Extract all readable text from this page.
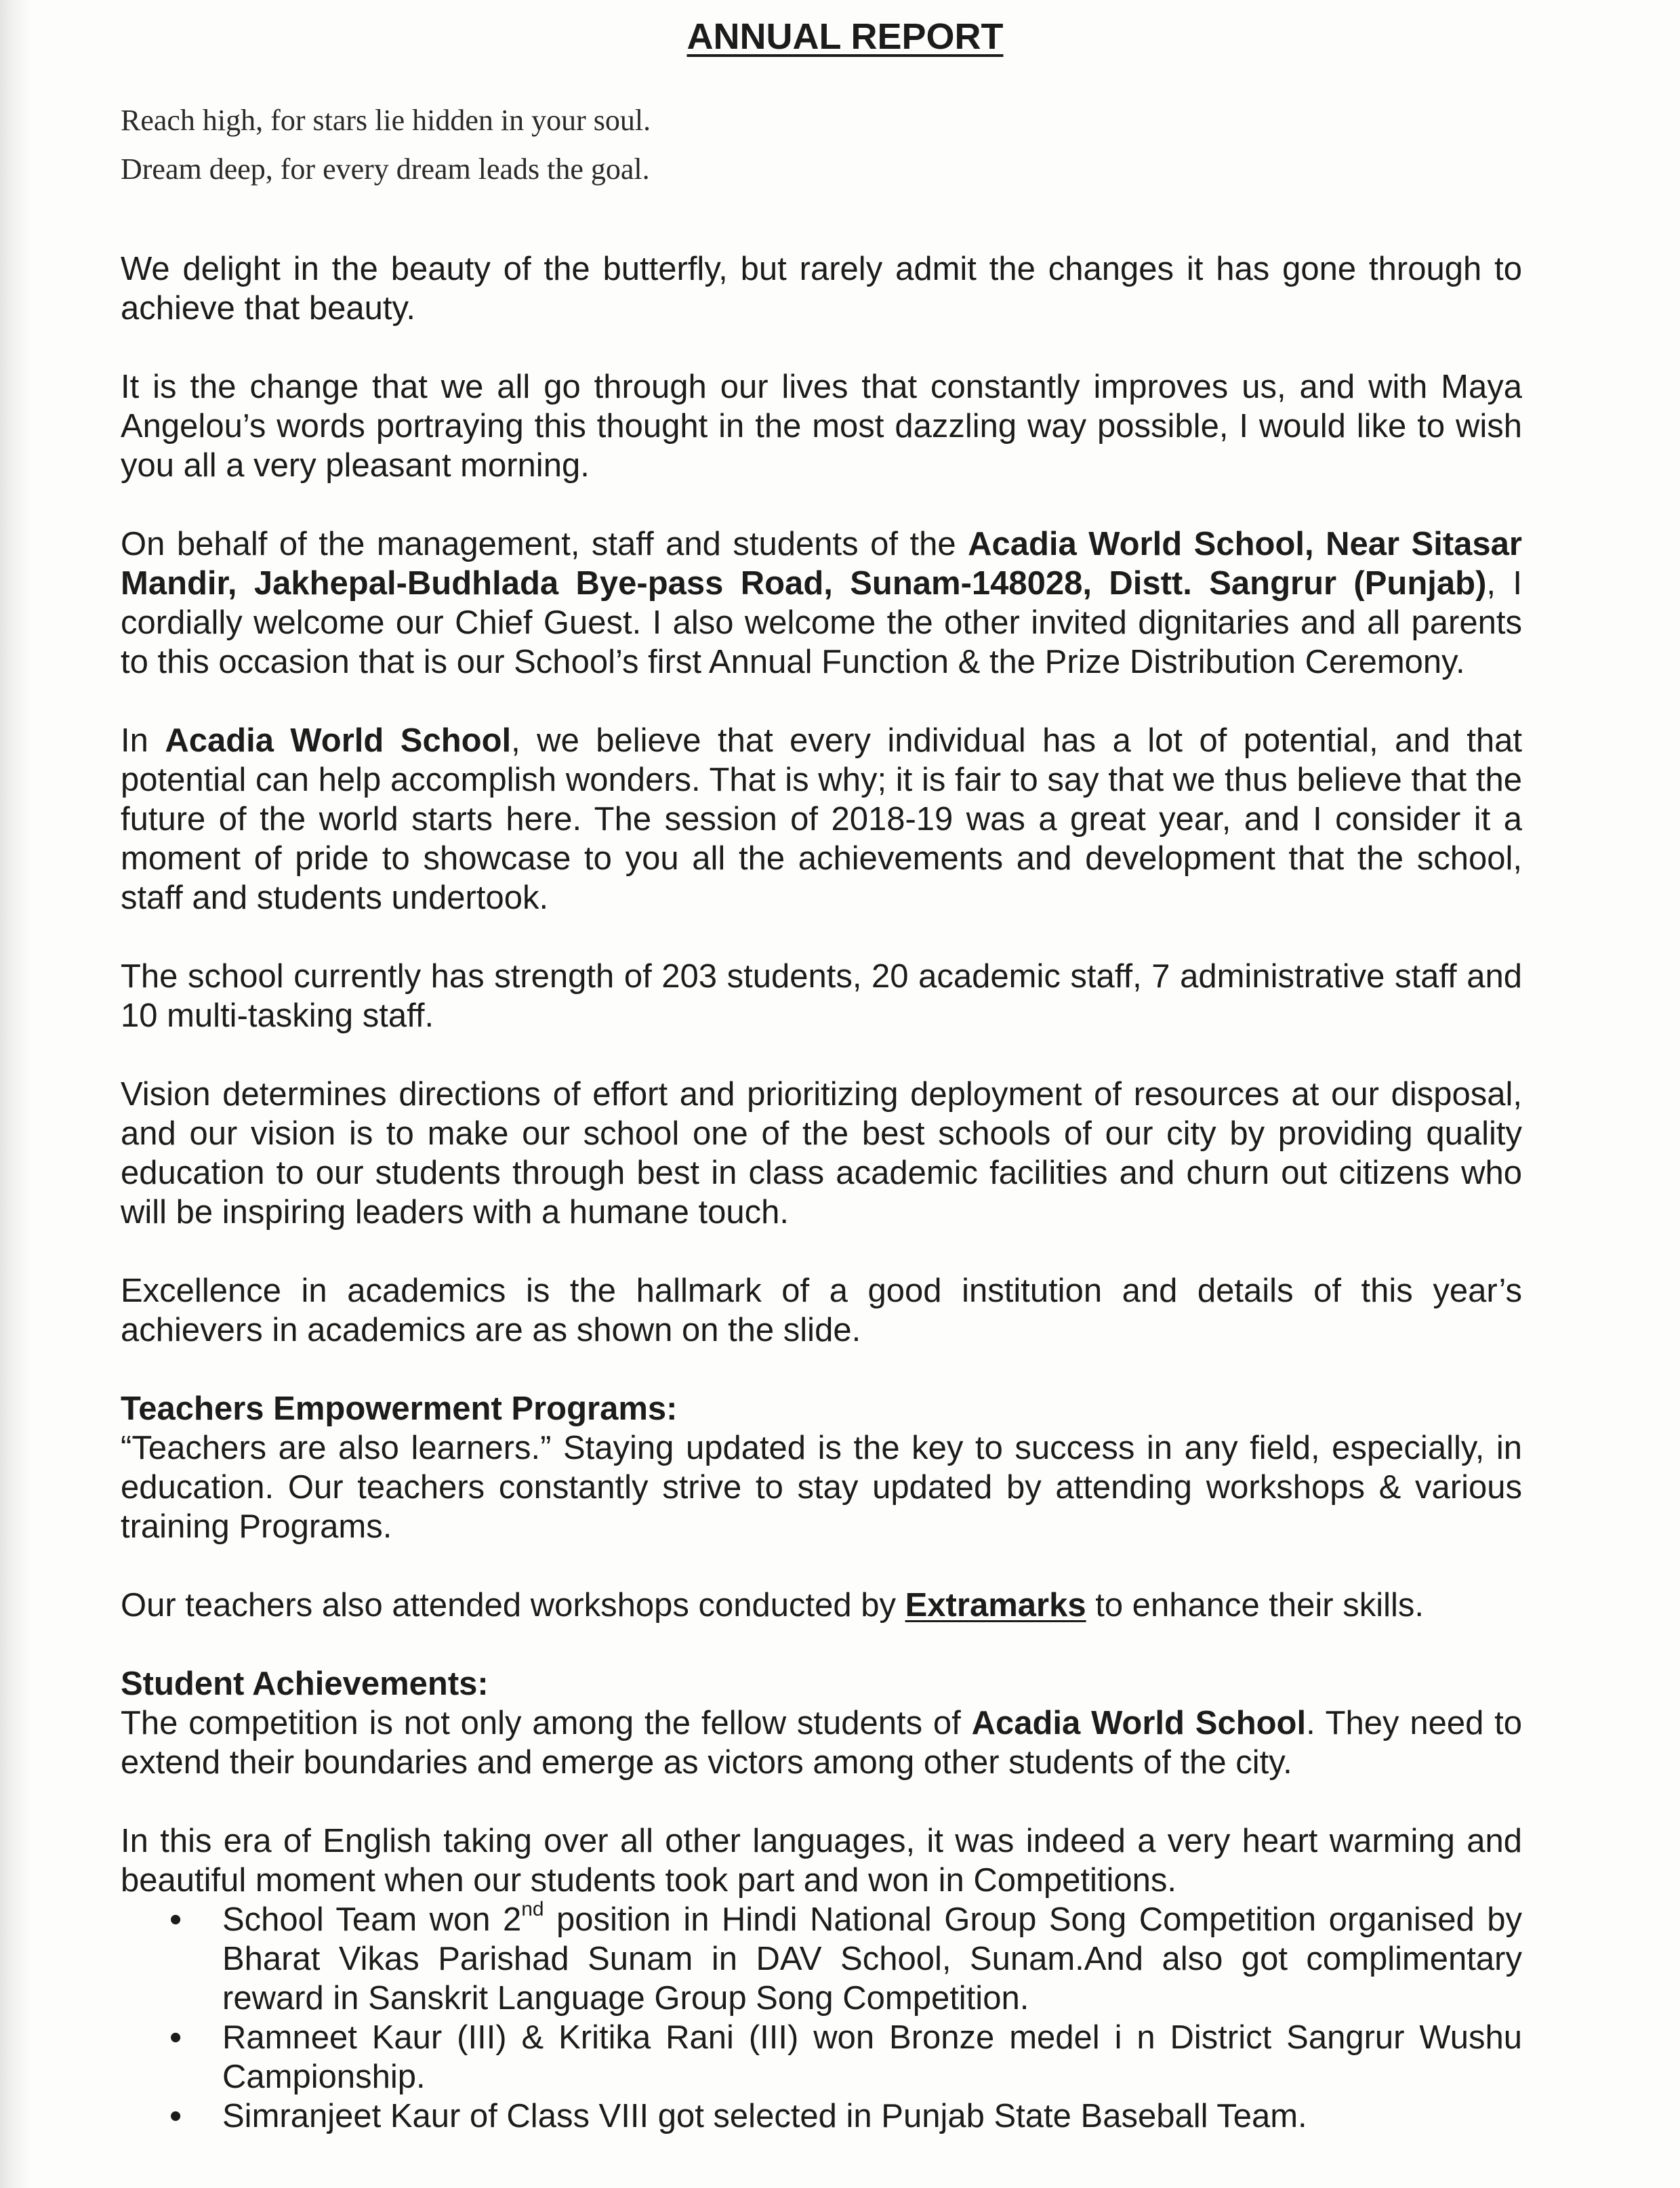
ANNUAL REPORT
Reach high, for stars lie hidden in your soul.
Dream deep, for every dream leads the goal.

We delight in the beauty of the butterfly, but rarely admit the changes it has gone through to achieve that beauty.

It is the change that we all go through our lives that constantly improves us, and with Maya Angelou’s words portraying this thought in the most dazzling way possible, I would like to wish you all a very pleasant morning.

On behalf of the management, staff and students of the Acadia World School, Near Sitasar Mandir, Jakhepal-Budhlada Bye-pass Road, Sunam-148028, Distt. Sangrur (Punjab), I cordially welcome our Chief Guest. I also welcome the other invited dignitaries and all parents to this occasion that is our School’s first Annual Function & the Prize Distribution Ceremony.

In Acadia World School, we believe that every individual has a lot of potential, and that potential can help accomplish wonders. That is why; it is fair to say that we thus believe that the future of the world starts here. The session of 2018-19 was a great year, and I consider it a moment of pride to showcase to you all the achievements and development that the school, staff and students undertook.

The school currently has strength of 203 students, 20 academic staff, 7 administrative staff and 10 multi-tasking staff.

Vision determines directions of effort and prioritizing deployment of resources at our disposal, and our vision is to make our school one of the best schools of our city by providing quality education to our students through best in class academic facilities and churn out citizens who will be inspiring leaders with a humane touch.

Excellence in academics is the hallmark of a good institution and details of this year’s achievers in academics are as shown on the slide.

Teachers Empowerment Programs:

“Teachers are also learners.” Staying updated is the key to success in any field, especially, in education. Our teachers constantly strive to stay updated by attending workshops & various training Programs.

Our teachers also attended workshops conducted by Extramarks to enhance their skills.

Student Achievements:

The competition is not only among the fellow students of Acadia World School. They need to extend their boundaries and emerge as victors among other students of the city.

In this era of English taking over all other languages, it was indeed a very heart warming and beautiful moment when our students took part and won in Competitions.

• School Team won 2nd position in Hindi National Group Song Competition organised by Bharat Vikas Parishad Sunam in DAV School, Sunam.And also got complimentary reward in Sanskrit Language Group Song Competition.
• Ramneet Kaur (III) & Kritika Rani (III) won Bronze medel i n District Sangrur Wushu Campionship.
• Simranjeet Kaur of Class VIII got selected in Punjab State Baseball Team.
